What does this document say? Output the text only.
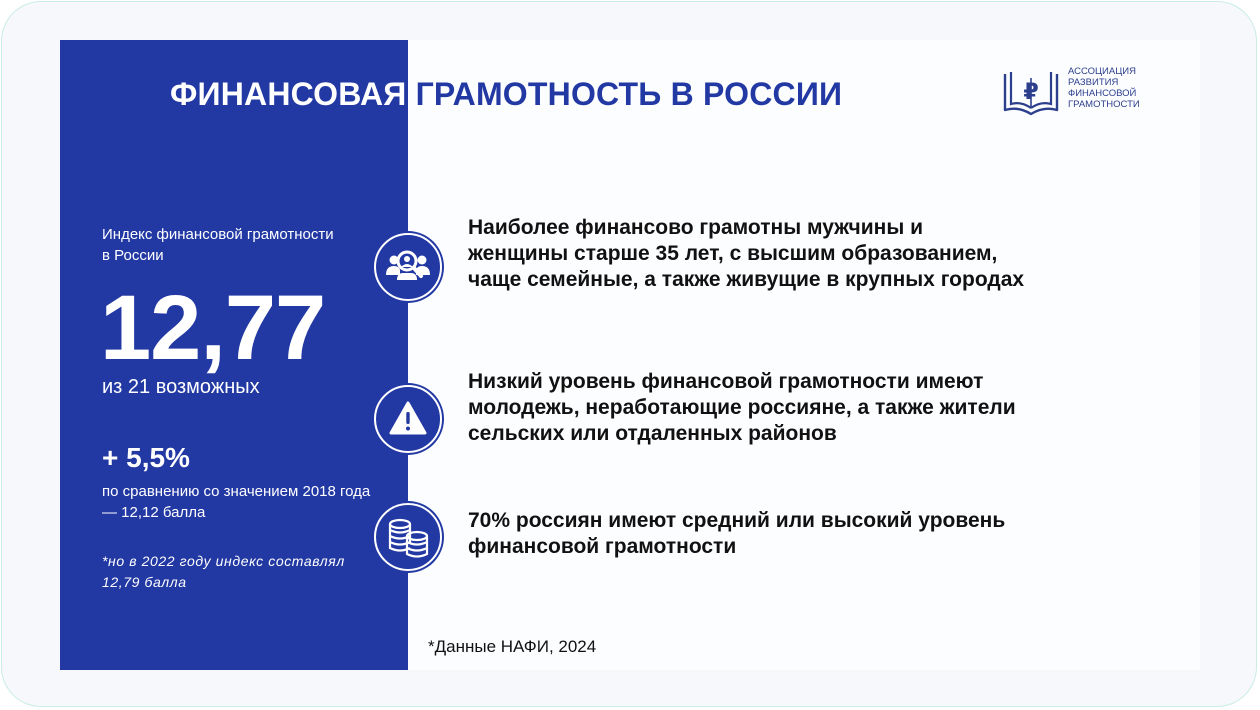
ФИНАНСОВАЯ ГРАМОТНОСТЬ В РОССИИ	₽
АССОЦИАЦИЯ
РАЗВИТИЯ
ФИНАНСОВОЙ
ГРАМОТНОСТИ
Индекс финансовой грамотности в России
12,77
из 21 возможных
+ 5,5%
по сравнению со значением 2018 года — 12,12 балла
*но в 2022 году индекс составлял 12,79 балла
Наиболее финансово грамотны мужчины и женщины старше 35 лет, с высшим образованием, чаще семейные, а также живущие в крупных городах
Низкий уровень финансовой грамотности имеют молодежь, неработающие россияне, а также жители сельских или отдаленных районов
70% россиян имеют средний или высокий уровень финансовой грамотности
*Данные НАФИ, 2024
